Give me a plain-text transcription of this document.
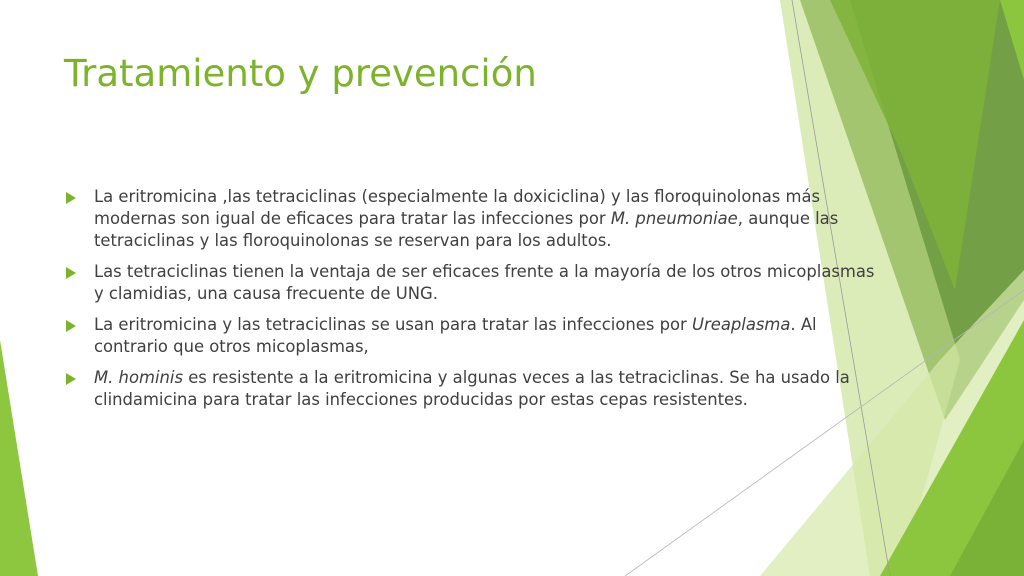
Tratamiento y prevención
La eritromicina ,las tetraciclinas (especialmente la doxiciclina) y las floroquinolonas más modernas son igual de eficaces para tratar las infecciones por M. pneumoniae, aunque las tetraciclinas y las floroquinolonas se reservan para los adultos.
Las tetraciclinas tienen la ventaja de ser eficaces frente a la mayoría de los otros micoplasmas y clamidias, una causa frecuente de UNG.
La eritromicina y las tetraciclinas se usan para tratar las infecciones por Ureaplasma. Al contrario que otros micoplasmas,
M. hominis es resistente a la eritromicina y algunas veces a las tetraciclinas. Se ha usado la clindamicina para tratar las infecciones producidas por estas cepas resistentes.
